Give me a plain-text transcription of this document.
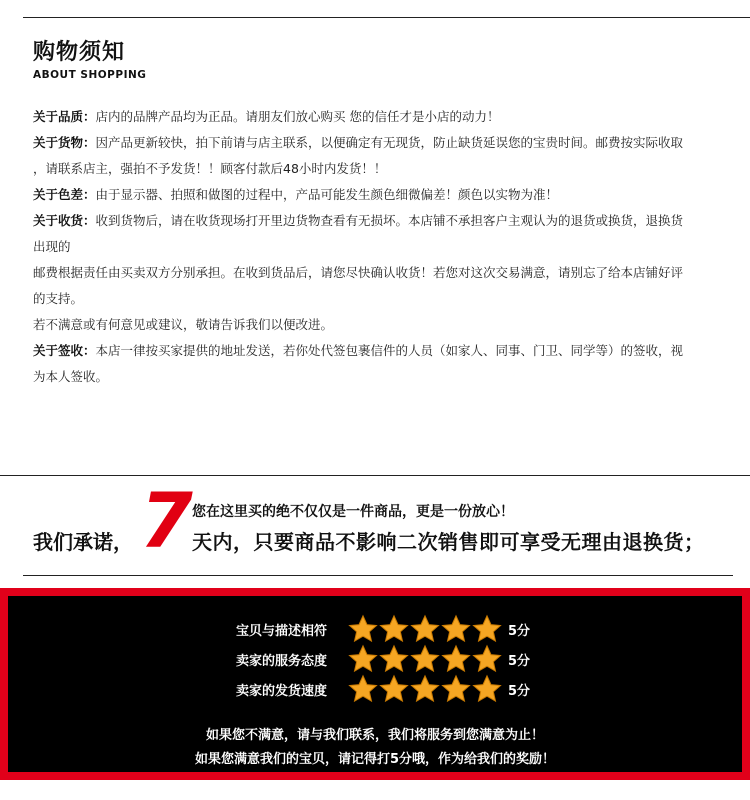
购物须知
ABOUT SHOPPING
关于品质：店内的品牌产品均为正品。请朋友们放心购买 您的信任才是小店的动力！
关于货物：因产品更新较快，拍下前请与店主联系，以便确定有无现货，防止缺货延误您的宝贵时间。邮费按实际收取
，请联系店主，强拍不予发货！！顾客付款后48小时内发货！！
关于色差：由于显示器、拍照和做图的过程中，产品可能发生颜色细微偏差！颜色以实物为准！
关于收货：收到货物后，请在收货现场打开里边货物查看有无损坏。本店铺不承担客户主观认为的退货或换货，退换货
出现的
邮费根据责任由买卖双方分别承担。在收到货品后，请您尽快确认收货！若您对这次交易满意，请别忘了给本店铺好评
的支持。
若不满意或有何意见或建议，敬请告诉我们以便改进。
关于签收：本店一律按买家提供的地址发送，若你处代签包裹信件的人员（如家人、同事、门卫、同学等）的签收，视
为本人签收。
我们承诺， 7 您在这里买的绝不仅仅是一件商品，更是一份放心！
天内，只要商品不影响二次销售即可享受无理由退换货；
如果您不满意，请与我们联系，我们将服务到您满意为止！
如果您满意我们的宝贝，请记得打5分哦，作为给我们的奖励！
宝贝与描述相符	5分
卖家的服务态度	5分
卖家的发货速度	5分
